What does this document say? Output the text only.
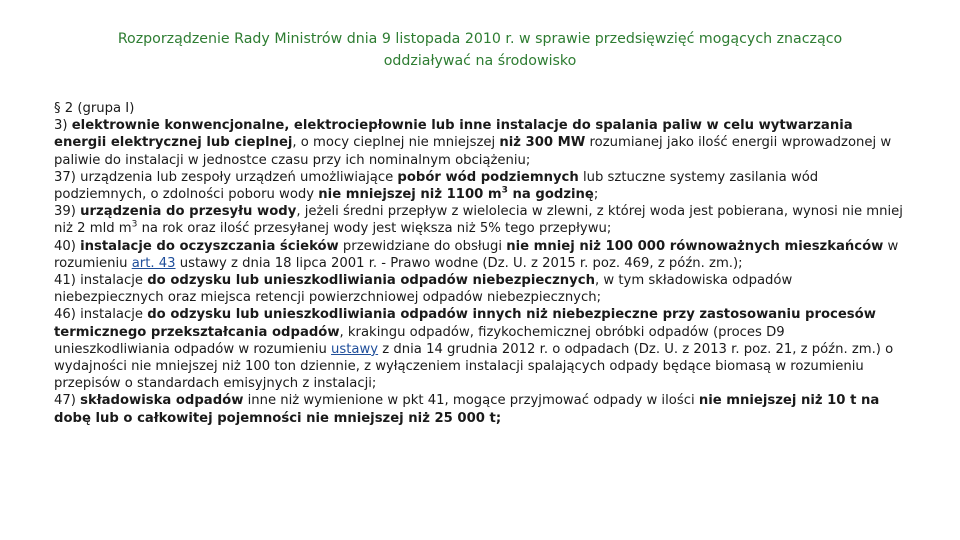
Rozporządzenie Rady Ministrów dnia 9 listopada 2010 r. w sprawie przedsięwzięć mogących znacząco
oddziaływać na środowisko

§ 2 (grupa I)

3) elektrownie konwencjonalne, elektrociepłownie lub inne instalacje do spalania paliw w celu wytwarzania energii elektrycznej lub cieplnej, o mocy cieplnej nie mniejszej niż 300 MW rozumianej jako ilość energii wprowadzonej w paliwie do instalacji w jednostce czasu przy ich nominalnym obciążeniu;

37) urządzenia lub zespoły urządzeń umożliwiające pobór wód podziemnych lub sztuczne systemy zasilania wód podziemnych, o zdolności poboru wody nie mniejszej niż 1100 $m^3$ na godzinę;

39) urządzenia do przesyłu wody, jeżeli średni przepływ z wielolecia w zlewni, z której woda jest pobierana, wynosi nie mniej niż 2 mld $m^3$ na rok oraz ilość przesyłanej wody jest większa niż 5% tego przepływu;

40) instalacje do oczyszczania ścieków przewidziane do obsługi nie mniej niż 100 000 równoważnych mieszkańców w rozumieniu art. 43 ustawy z dnia 18 lipca 2001 r. - Prawo wodne (Dz. U. z 2015 r. poz. 469, z późn. zm.);

41) instalacje do odzysku lub unieszkodliwiania odpadów niebezpiecznych, w tym składowiska odpadów niebezpiecznych oraz miejsca retencji powierzchniowej odpadów niebezpiecznych;

46) instalacje do odzysku lub unieszkodliwiania odpadów innych niż niebezpieczne przy zastosowaniu procesów termicznego przekształcania odpadów, krakingu odpadów, fizykochemicznej obróbki odpadów (proces D9 unieszkodliwiania odpadów w rozumieniu ustawy z dnia 14 grudnia 2012 r. o odpadach (Dz. U. z 2013 r. poz. 21, z późn. zm.) o wydajności nie mniejszej niż 100 ton dziennie, z wyłączeniem instalacji spalających odpady będące biomasą w rozumieniu przepisów o standardach emisyjnych z instalacji;

47) składowiska odpadów inne niż wymienione w pkt 41, mogące przyjmować odpady w ilości nie mniejszej niż 10 t na dobę lub o całkowitej pojemności nie mniejszej niż 25 000 t;
